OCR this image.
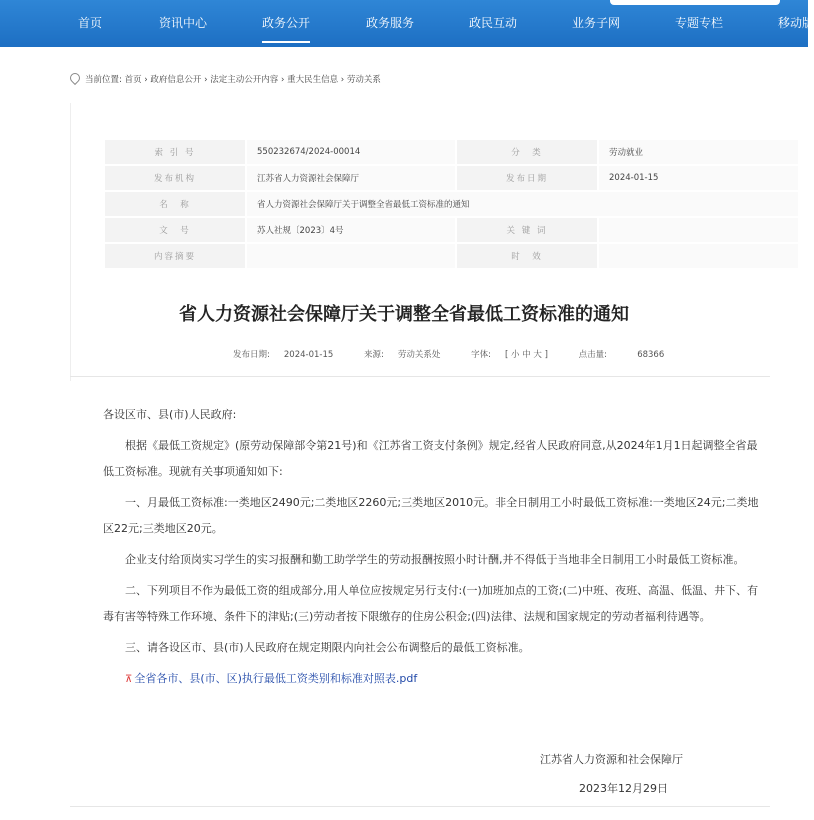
首页	资讯中心	政务公开	政务服务	政民互动	业务子网	专题专栏	移动版
当前位置: 首页 › 政府信息公开 › 法定主动公开内容 › 重大民生信息 › 劳动关系
索 引 号	550232674/2024-00014	分　类	劳动就业
发布机构	江苏省人力资源社会保障厅	发布日期	2024-01-15
名　称	省人力资源社会保障厅关于调整全省最低工资标准的通知		
文　号	苏人社规〔2023〕4号	关 键 词	
内容摘要		时　效	
省人力资源社会保障厅关于调整全省最低工资标准的通知
发布日期: 2024-01-15	来源: 劳动关系处	字体: [ 小 中 大 ]	点击量:	68366

各设区市、县(市)人民政府:

根据《最低工资规定》(原劳动保障部令第21号)和《江苏省工资支付条例》规定,经省人民政府同意,从2024年1月1日起调整全省最低工资标准。现就有关事项通知如下:

一、月最低工资标准:一类地区2490元;二类地区2260元;三类地区2010元。非全日制用工小时最低工资标准:一类地区24元;二类地区22元;三类地区20元。

企业支付给顶岗实习学生的实习报酬和勤工助学学生的劳动报酬按照小时计酬,并不得低于当地非全日制用工小时最低工资标准。

二、下列项目不作为最低工资的组成部分,用人单位应按规定另行支付:(一)加班加点的工资;(二)中班、夜班、高温、低温、井下、有毒有害等特殊工作环境、条件下的津贴;(三)劳动者按下限缴存的住房公积金;(四)法律、法规和国家规定的劳动者福利待遇等。

三、请各设区市、县(市)人民政府在规定期限内向社会公布调整后的最低工资标准。

⊼ 全省各市、县(市、区)执行最低工资类别和标准对照表.pdf

江苏省人力资源和社会保障厅
2023年12月29日
